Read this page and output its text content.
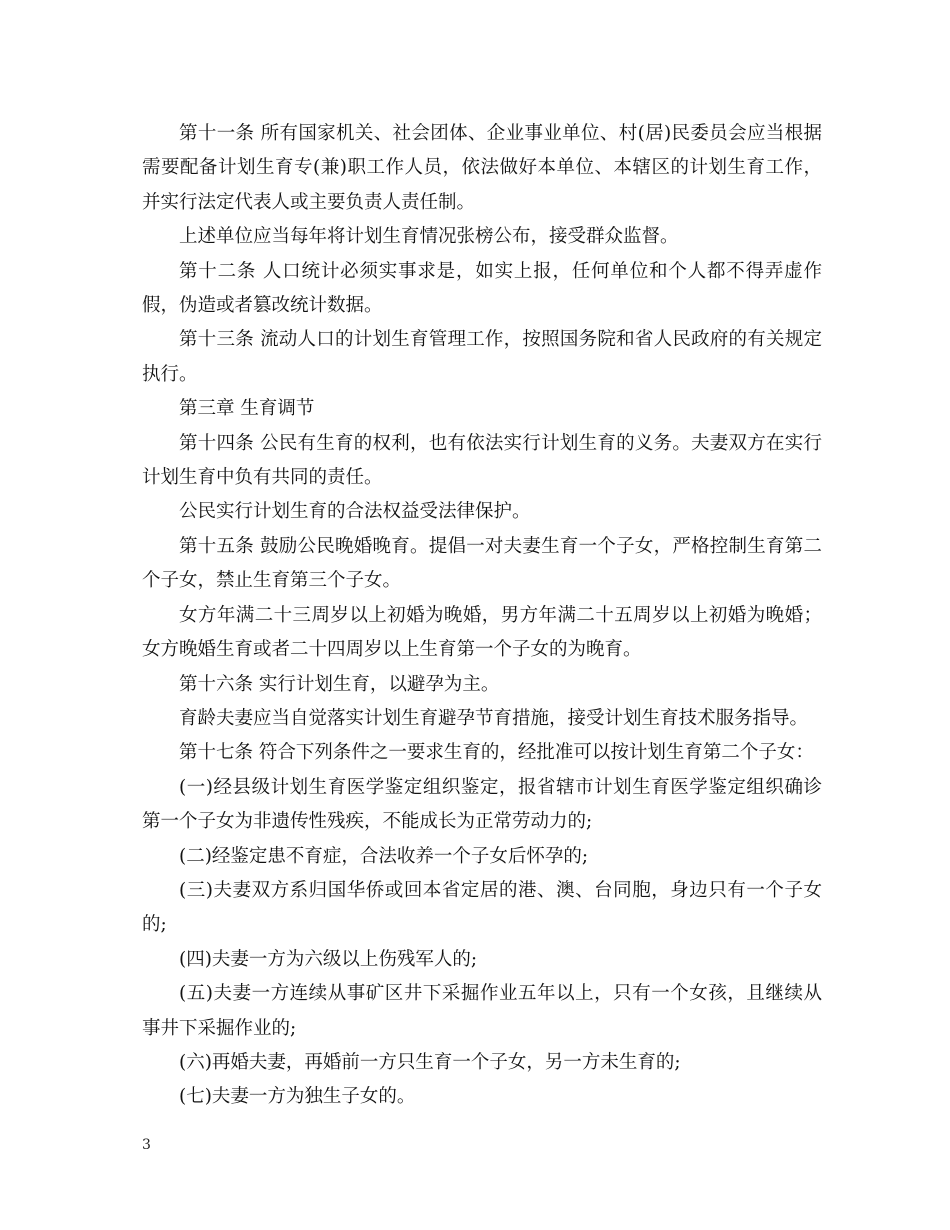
第十一条 所有国家机关、社会团体、企业事业单位、村(居)民委员会应当根据需要配备计划生育专(兼)职工作人员，依法做好本单位、本辖区的计划生育工作，并实行法定代表人或主要负责人责任制。

上述单位应当每年将计划生育情况张榜公布，接受群众监督。

第十二条 人口统计必须实事求是，如实上报，任何单位和个人都不得弄虚作假，伪造或者篡改统计数据。

第十三条 流动人口的计划生育管理工作，按照国务院和省人民政府的有关规定执行。

第三章 生育调节

第十四条 公民有生育的权利，也有依法实行计划生育的义务。夫妻双方在实行计划生育中负有共同的责任。

公民实行计划生育的合法权益受法律保护。

第十五条 鼓励公民晚婚晚育。提倡一对夫妻生育一个子女，严格控制生育第二个子女，禁止生育第三个子女。

女方年满二十三周岁以上初婚为晚婚，男方年满二十五周岁以上初婚为晚婚；女方晚婚生育或者二十四周岁以上生育第一个子女的为晚育。

第十六条 实行计划生育，以避孕为主。

育龄夫妻应当自觉落实计划生育避孕节育措施，接受计划生育技术服务指导。

第十七条 符合下列条件之一要求生育的，经批准可以按计划生育第二个子女：

(一)经县级计划生育医学鉴定组织鉴定，报省辖市计划生育医学鉴定组织确诊第一个子女为非遗传性残疾，不能成长为正常劳动力的;

(二)经鉴定患不育症，合法收养一个子女后怀孕的;

(三)夫妻双方系归国华侨或回本省定居的港、澳、台同胞，身边只有一个子女的;

(四)夫妻一方为六级以上伤残军人的;

(五)夫妻一方连续从事矿区井下采掘作业五年以上，只有一个女孩，且继续从事井下采掘作业的;

(六)再婚夫妻，再婚前一方只生育一个子女，另一方未生育的;

(七)夫妻一方为独生子女的。

3
